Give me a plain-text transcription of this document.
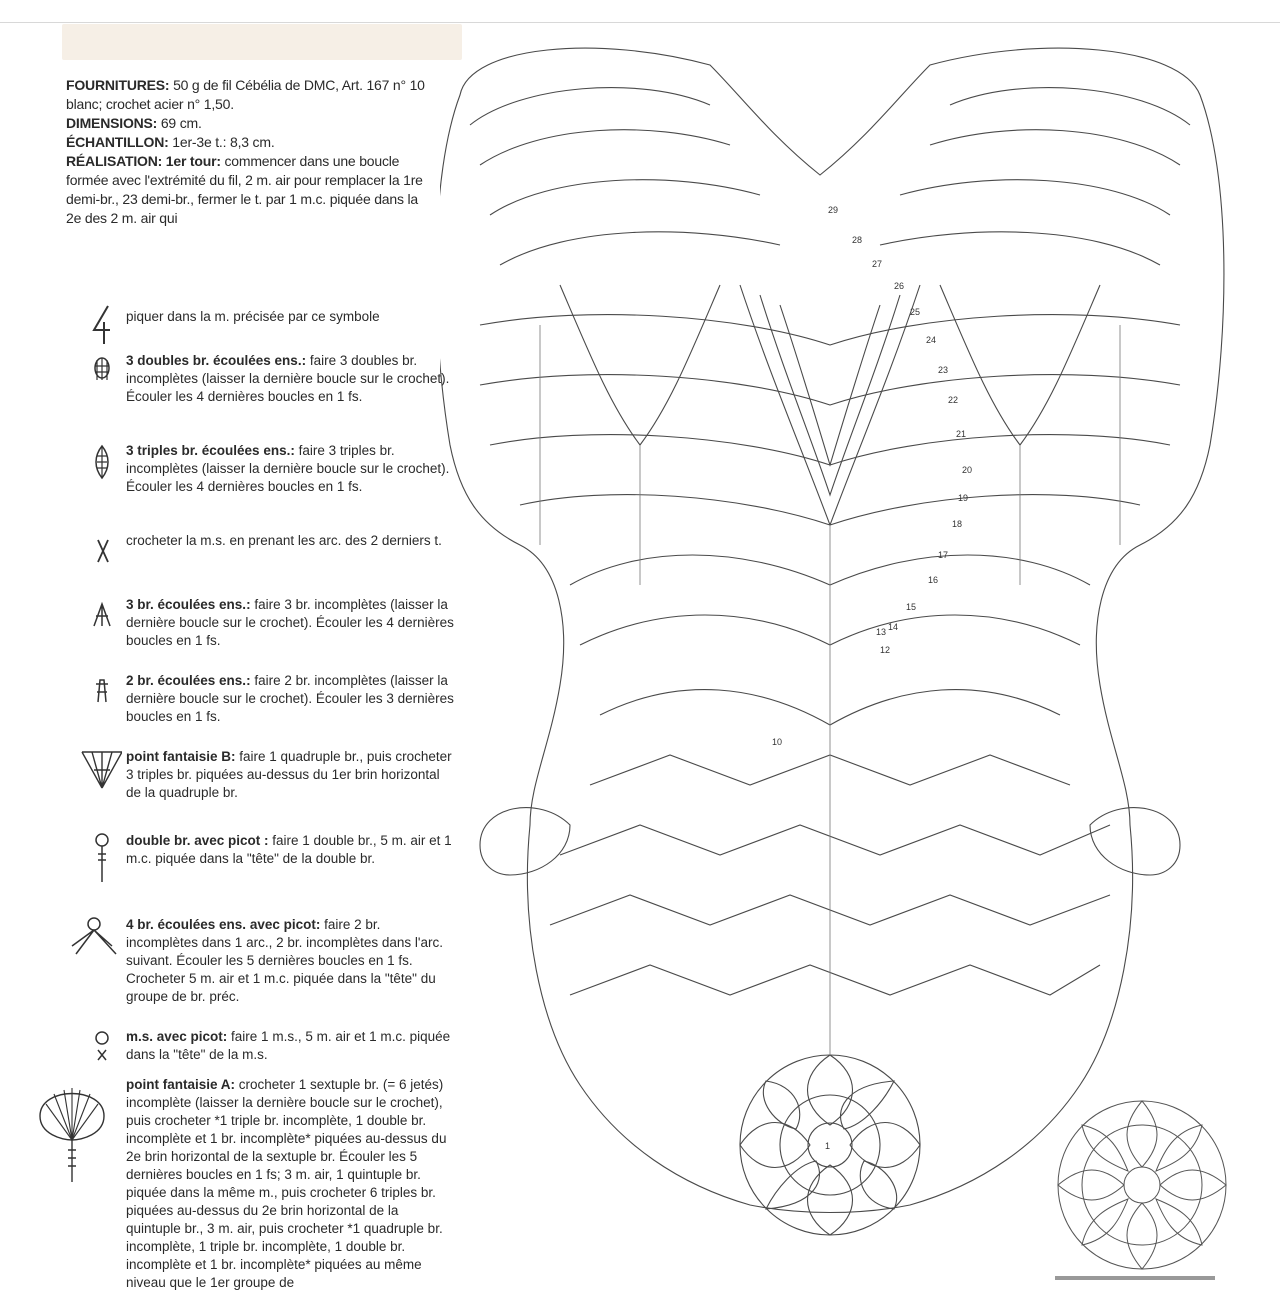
FOURNITURES: 50 g de fil Cébélia de DMC, Art. 167 n° 10 blanc; crochet acier n° 1,50.
DIMENSIONS: 69 cm.
ÉCHANTILLON: 1er-3e t.: 8,3 cm.
RÉALISATION: 1er tour: commencer dans une boucle formée avec l'extrémité du fil, 2 m. air pour remplacer la 1re demi-br., 23 demi-br., fermer le t. par 1 m.c. piquée dans la 2e des 2 m. air qui

piquer dans la m. précisée par ce symbole
3 doubles br. écoulées ens.: faire 3 doubles br. incomplètes (laisser la dernière boucle sur le crochet). Écouler les 4 dernières boucles en 1 fs.
3 triples br. écoulées ens.: faire 3 triples br. incomplètes (laisser la dernière boucle sur le crochet). Écouler les 4 dernières boucles en 1 fs.
crocheter la m.s. en prenant les arc. des 2 derniers t.
3 br. écoulées ens.: faire 3 br. incomplètes (laisser la dernière boucle sur le crochet). Écouler les 4 dernières boucles en 1 fs.
2 br. écoulées ens.: faire 2 br. incomplètes (laisser la dernière boucle sur le crochet). Écouler les 3 dernières boucles en 1 fs.
point fantaisie B: faire 1 quadruple br., puis crocheter 3 triples br. piquées au-dessus du 1er brin horizontal de la quadruple br.
double br. avec picot : faire 1 double br., 5 m. air et 1 m.c. piquée dans la "tête" de la double br.
4 br. écoulées ens. avec picot: faire 2 br. incomplètes dans 1 arc., 2 br. incomplètes dans l'arc. suivant. Écouler les 5 dernières boucles en 1 fs. Crocheter 5 m. air et 1 m.c. piquée dans la "tête" du groupe de br. préc.
m.s. avec picot: faire 1 m.s., 5 m. air et 1 m.c. piquée dans la "tête" de la m.s.
point fantaisie A: crocheter 1 sextuple br. (= 6 jetés) incomplète (laisser la dernière boucle sur le crochet), puis crocheter *1 triple br. incomplète, 1 double br. incomplète et 1 br. incomplète* piquées au-dessus du 2e brin horizontal de la sextuple br. Écouler les 5 dernières boucles en 1 fs; 3 m. air, 1 quintuple br. piquée dans la même m., puis crocheter 6 triples br. piquées au-dessus du 2e brin horizontal de la quintuple br., 3 m. air, puis crocheter *1 quadruple br. incomplète, 1 triple br. incomplète, 1 double br. incomplète et 1 br. incomplète* piquées au même niveau que le 1er groupe de
1
10
12
13 14
15
16
17
18
19
20
21
22
23
24
25
26
27
28
29
